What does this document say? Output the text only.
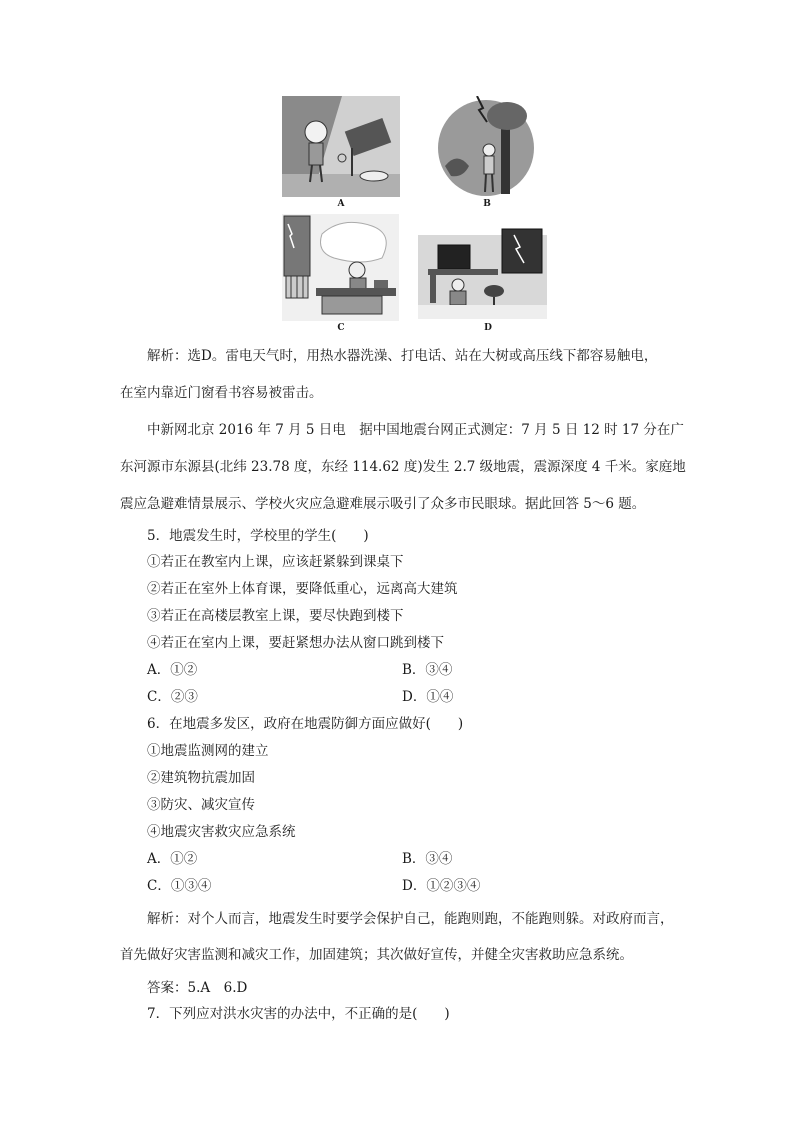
A	B
C	D
解析：选D。雷电天气时，用热水器洗澡、打电话、站在大树或高压线下都容易触电，
在室内靠近门窗看书容易被雷击。
中新网北京 2016 年 7 月 5 日电　据中国地震台网正式测定：7 月 5 日 12 时 17 分在广
东河源市东源县(北纬 23.78 度，东经 114.62 度)发生 2.7 级地震，震源深度 4 千米。家庭地
震应急避难情景展示、学校火灾应急避难展示吸引了众多市民眼球。据此回答 5～6 题。
5．地震发生时，学校里的学生(　　)
①若正在教室内上课，应该赶紧躲到课桌下
②若正在室外上体育课，要降低重心，远离高大建筑
③若正在高楼层教室上课，要尽快跑到楼下
④若正在室内上课，要赶紧想办法从窗口跳到楼下
A．①②	B．③④
C．②③	D．①④
6．在地震多发区，政府在地震防御方面应做好(　　)
①地震监测网的建立
②建筑物抗震加固
③防灾、减灾宣传
④地震灾害救灾应急系统
A．①②	B．③④
C．①③④	D．①②③④
解析：对个人而言，地震发生时要学会保护自己，能跑则跑，不能跑则躲。对政府而言，
首先做好灾害监测和减灾工作，加固建筑；其次做好宣传，并健全灾害救助应急系统。
答案：5.A　6.D
7．下列应对洪水灾害的办法中，不正确的是(　　)
